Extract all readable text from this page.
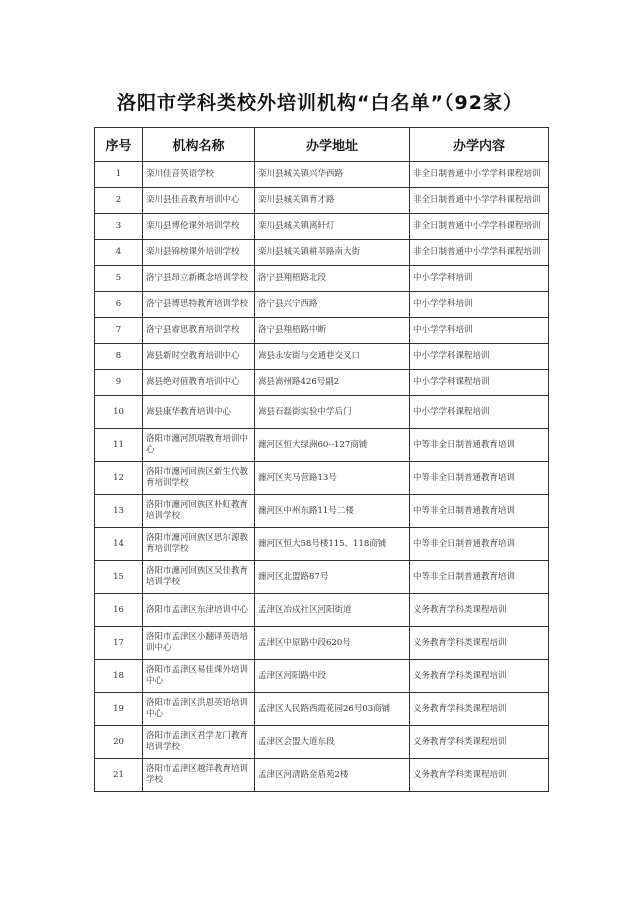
洛阳市学科类校外培训机构“白名单”（92家）
序号	机构名称	办学地址	办学内容
1	栾川佳音英语学校	栾川县城关镇兴华西路	非全日制普通中小学学科课程培训
2	栾川县佳音教育培训中心	栾川县城关镇育才路	非全日制普通中小学学科课程培训
3	栾川县博伦课外培训学校	栾川县城关镇离轩灯	非全日制普通中小学学科课程培训
4	栾川县锦榜课外培训学校	栾川县城关镇耕莘路南大街	非全日制普通中小学学科课程培训
5	洛宁县昂立新概念培训学校	洛宁县翔梧路北段	中小学学科培训
6	洛宁县博思特教育培训学校	洛宁县兴宁西路	中小学学科培训
7	洛宁县睿思教育培训学校	洛宁县翔梧路中断	中小学学科培训
8	嵩县新时空教育培训中心	嵩县永安街与交通巷交叉口	中小学学科课程培训
9	嵩县绝对值教育培训中心	嵩县嵩州路426号副2	中小学学科课程培训
10	嵩县康华教育培训中心	嵩县石磊街实验中学后门	中小学学科课程培训
11	洛阳市瀍河凯瑞教育培训中心	瀍河区恒大绿洲60--127商铺	中等非全日制普通教育培训
12	洛阳市瀍河回族区新生代教育培训学校	瀍河区夹马营路13号	中等非全日制普通教育培训
13	洛阳市瀍河回族区朴虹教育培训学校	瀍河区中州东路11号二楼	中等非全日制普通教育培训
14	洛阳市瀍河回族区思尔源教育培训学校	瀍河区恒大58号楼115、118商铺	中等非全日制普通教育培训
15	洛阳市瀍河回族区吴佳教育培训学校	瀍河区北盟路87号	中等非全日制普通教育培训
16	洛阳市孟津区东津培训中心	孟津区冶戍社区河阳街道	义务教育学科类课程培训
17	洛阳市孟津区小翻译英语培训中心	孟津区中原路中段620号	义务教育学科类课程培训
18	洛阳市孟津区易佳课外培训中心	孟津区河阳路中段	义务教育学科类课程培训
19	洛阳市孟津区洪恩英语培训中心	孟津区人民路西霞花园26号03商铺	义务教育学科类课程培训
20	洛阳市孟津区君学龙门教育培训学校	孟津区会盟大道东段	义务教育学科类课程培训
21	洛阳市孟津区越洋教育培训学校	孟津区河清路金盾苑2楼	义务教育学科类课程培训
